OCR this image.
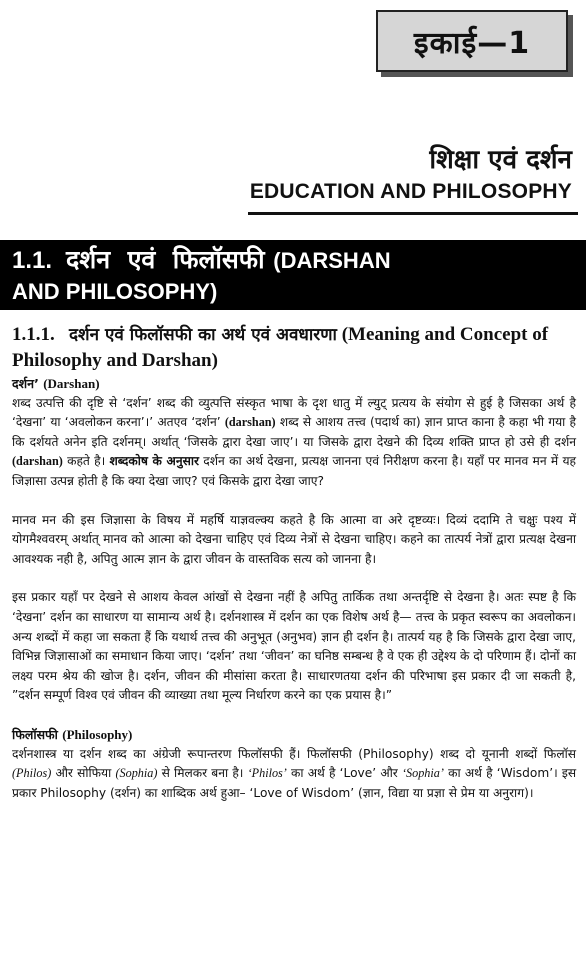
इकाई—1
शिक्षा एवं दर्शन
EDUCATION AND PHILOSOPHY
1.1. दर्शन  एवं  फिलॉसफी (DARSHAN
AND PHILOSOPHY)
1.1.1. दर्शन एवं फिलॉसफी का अर्थ एवं अवधारणा (Meaning and Concept of Philosophy and Darshan)
दर्शन’ (Darshan)

शब्द उत्पत्ति की दृष्टि से ‘दर्शन’ शब्द की व्युत्पत्ति संस्कृत भाषा के दृश धातु में ल्युट् प्रत्यय के संयोग से हुई है जिसका अर्थ है ‘देखना’ या ‘अवलोकन करना’।’ अतएव ‘दर्शन’ (darshan) शब्द से आशय तत्त्व (पदार्थ का) ज्ञान प्राप्त काना है कहा भी गया है कि दर्शयते अनेन इति दर्शनम्। अर्थात् ‘जिसके द्वारा देखा जाए’। या जिसके द्वारा देखने की दिव्य शक्ति प्राप्त हो उसे ही दर्शन (darshan) कहते है। शब्दकोष के अनुसार दर्शन का अर्थ देखना, प्रत्यक्ष जानना एवं निरीक्षण करना है। यहाँ पर मानव मन में यह जिज्ञासा उत्पन्न होती है कि क्या देखा जाए? एवं किसके द्वारा देखा जाए?

मानव मन की इस जिज्ञासा के विषय में महर्षि याज्ञवल्क्य कहते है कि आत्मा वा अरे दृष्टव्यः। दिव्यं ददामि ते चक्षुः पश्य में योगमैश्ववरम् अर्थात् मानव को आत्मा को देखना चाहिए एवं दिव्य नेत्रों से देखना चाहिए। कहने का तात्पर्य नेत्रों द्वारा प्रत्यक्ष देखना आवश्यक नही है, अपितु आत्म ज्ञान के द्वारा जीवन के वास्तविक सत्य को जानना है।

इस प्रकार यहाँ पर देखने से आशय केवल आंखों से देखना नहीं है अपितु तार्किक तथा अन्तर्दृष्टि से देखना है। अतः स्पष्ट है कि ‘देखना’ दर्शन का साधारण या सामान्य अर्थ है। दर्शनशास्त्र में दर्शन का एक विशेष अर्थ है— तत्त्व के प्रकृत स्वरूप का अवलोकन। अन्य शब्दों में कहा जा सकता हैं कि यथार्थ तत्त्व की अनुभूत (अनुभव) ज्ञान ही दर्शन है। तात्पर्य यह है कि जिसके द्वारा देखा जाए, विभिन्न जिज्ञासाओं का समाधान किया जाए। ‘दर्शन’ तथा ‘जीवन’ का घनिष्ठ सम्बन्ध है वे एक ही उद्देश्य के दो परिणाम हैं। दोनों का लक्ष्य परम श्रेय की खोज है। दर्शन, जीवन की मीसांसा करता है। साधारणतया दर्शन की परिभाषा इस प्रकार दी जा सकती है, ”दर्शन सम्पूर्ण विश्व एवं जीवन की व्याख्या तथा मूल्य निर्धारण करने का एक प्रयास है।”

फिलॉसफी (Philosophy)

दर्शनशास्त्र या दर्शन शब्द का अंग्रेजी रूपान्तरण फिलॉसफी हैं। फिलॉसफी (Philosophy) शब्द दो यूनानी शब्दों फिलॉस (Philos) और सोफिया (Sophia) से मिलकर बना है। ‘Philos’ का अर्थ है ‘Love’ और ‘Sophia’ का अर्थ है ‘Wisdom’। इस प्रकार Philosophy (दर्शन) का शाब्दिक अर्थ हुआ– ‘Love of Wisdom’ (ज्ञान, विद्या या प्रज्ञा से प्रेम या अनुराग)।
